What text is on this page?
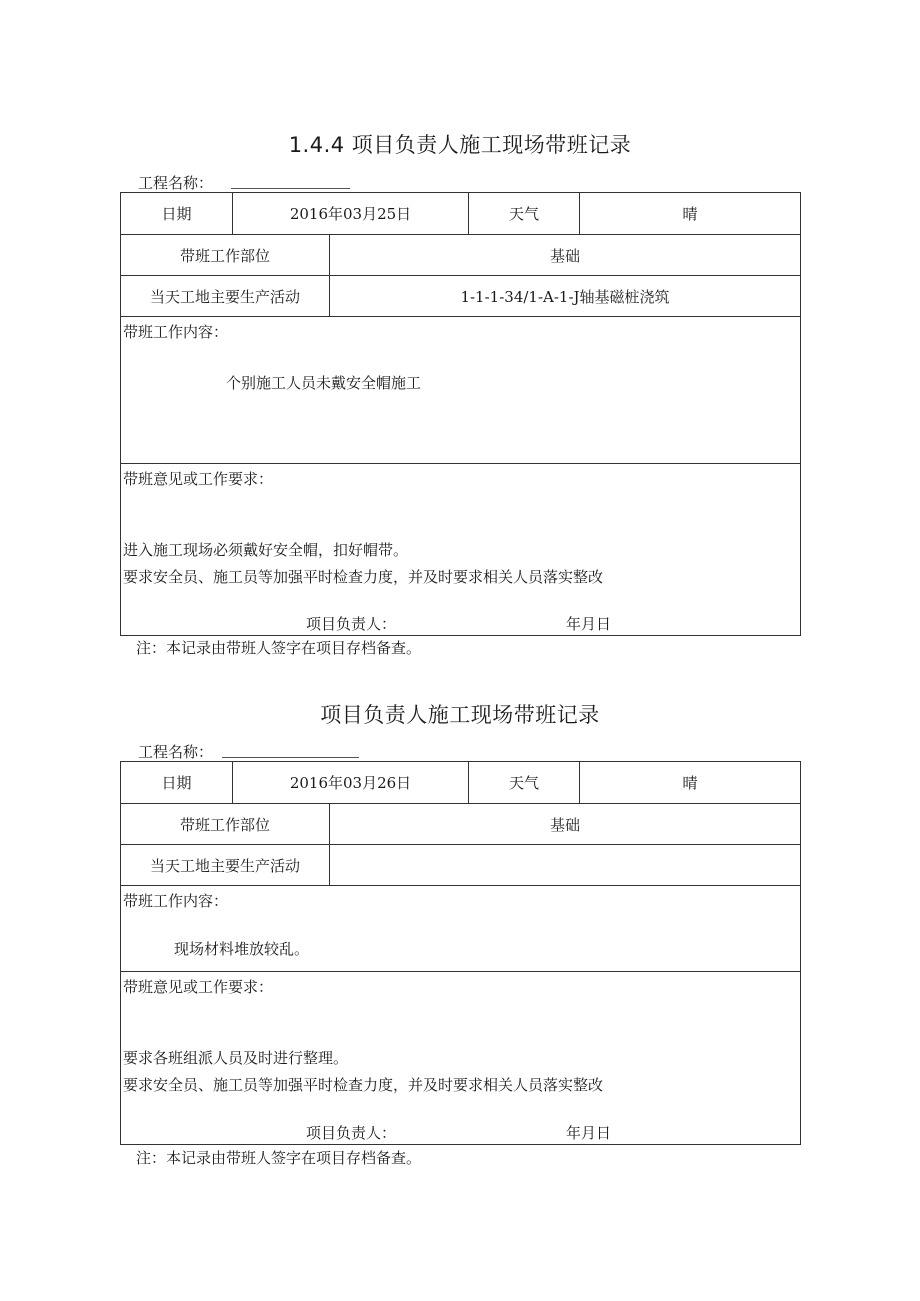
1.4.4 项目负责人施工现场带班记录
工程名称：
日期	2016年03月25日		天气	晴
带班工作部位		基础		
当天工地主要生产活动		1-1-1-34/1-A-1-J轴基磁桩浇筑		

带班工作内容：
个别施工人员未戴安全帽施工				

带班意见或工作要求：
进入施工现场必须戴好安全帽，扣好帽带。
要求安全员、施工员等加强平时检查力度，并及时要求相关人员落实整改
项目负责人： 年月日				
注：本记录由带班人签字在项目存档备查。
项目负责人施工现场带班记录
工程名称：
日期	2016年03月26日		天气	晴
带班工作部位		基础		
当天工地主要生产活动				

带班工作内容：
现场材料堆放较乱。				

带班意见或工作要求：
要求各班组派人员及时进行整理。
要求安全员、施工员等加强平时检查力度，并及时要求相关人员落实整改
项目负责人： 年月日				
注：本记录由带班人签字在项目存档备查。
